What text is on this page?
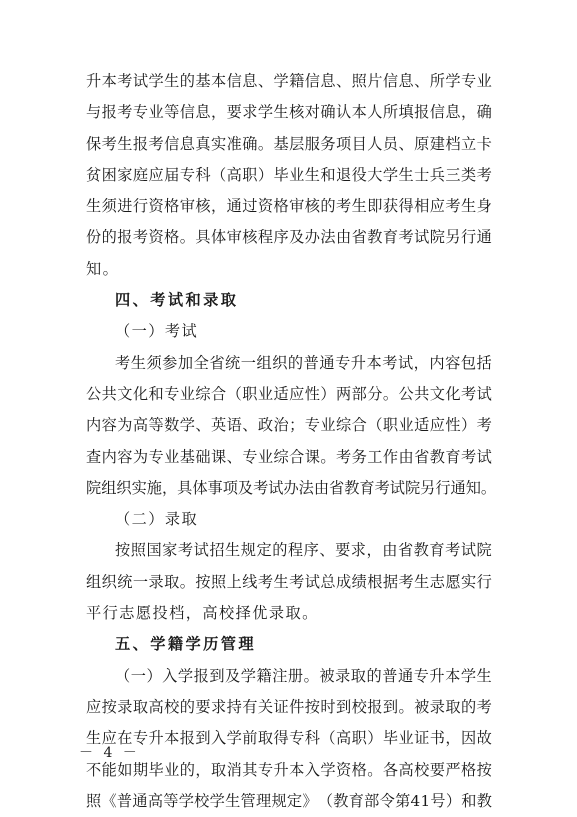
升 本 考 试 学 生 的 基 本 信 息 、 学 籍 信 息 、 照 片 信 息 、 所 学 专 业
与 报 考 专 业 等 信 息 ， 要 求 学 生 核 对 确 认 本 人 所 填 报 信 息 ， 确
保 考 生 报 考 信 息 真 实 准 确 。 基 层 服 务 项 目 人 员 、 原 建 档 立 卡
贫 困 家 庭 应 届 专 科 （ 高 职 ） 毕 业 生 和 退 役 大 学 生 士 兵 三 类 考
生 须 进 行 资 格 审 核 ， 通 过 资 格 审 核 的 考 生 即 获 得 相 应 考 生 身
份 的 报 考 资 格 。 具 体 审 核 程 序 及 办 法 由 省 教 育 考 试 院 另 行 通
知 。
四 、 考 试 和 录 取
（ 一 ） 考 试
考 生 须 参 加 全 省 统 一 组 织 的 普 通 专 升 本 考 试 ， 内 容 包 括
公 共 文 化 和 专 业 综 合 （ 职 业 适 应 性 ） 两 部 分 。 公 共 文 化 考 试
内 容 为 高 等 数 学 、 英 语 、 政 治 ； 专 业 综 合 （ 职 业 适 应 性 ） 考
查 内 容 为 专 业 基 础 课 、 专 业 综 合 课 。 考 务 工 作 由 省 教 育 考 试
院 组 织 实 施 ， 具 体 事 项 及 考 试 办 法 由 省 教 育 考 试 院 另 行 通 知 。
（ 二 ） 录 取
按 照 国 家 考 试 招 生 规 定 的 程 序 、 要 求 ， 由 省 教 育 考 试 院
组 织 统 一 录 取 。 按 照 上 线 考 生 考 试 总 成 绩 根 据 考 生 志 愿 实 行
平 行 志 愿 投 档 ， 高 校 择 优 录 取 。
五 、 学 籍 学 历 管 理
（ 一 ） 入 学 报 到 及 学 籍 注 册 。 被 录 取 的 普 通 专 升 本 学 生
应 按 录 取 高 校 的 要 求 持 有 关 证 件 按 时 到 校 报 到 。 被 录 取 的 考
生 应 在 专 升 本 报 到 入 学 前 取 得 专 科 （ 高 职 ） 毕 业 证 书 ， 因 故
不 能 如 期 毕 业 的 ， 取 消 其 专 升 本 入 学 资 格 。 各 高 校 要 严 格 按
照 《 普 通 高 等 学 校 学 生 管 理 规 定 》 （ 教 育 部 令 第 4 1 号 ） 和 教
－ 4 －
